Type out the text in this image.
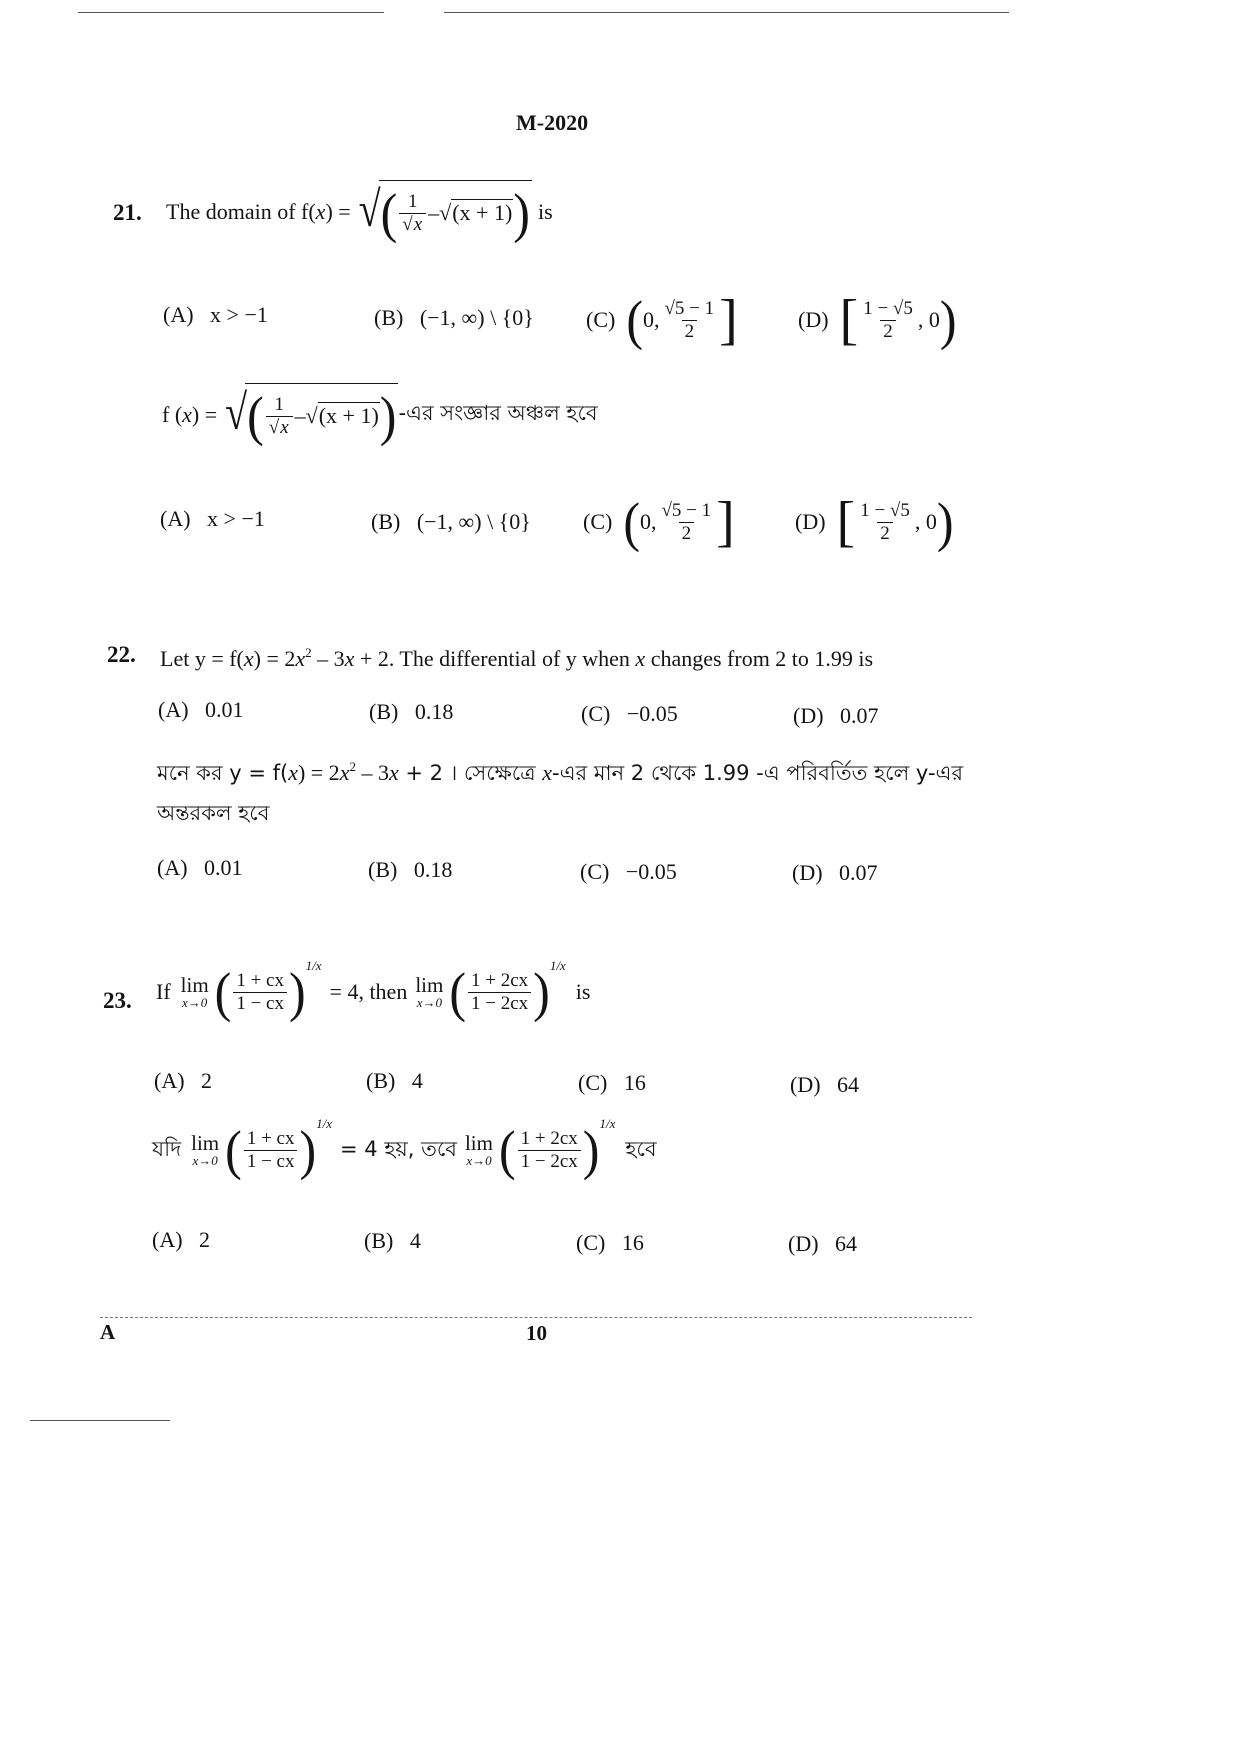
M-2020
21. The domain of f( x ) = √ ( $\frac{1}{√x} - √(x + 1)$ ) is
(A) x > −1	(B) (−1, ∞) \ {0} (C)
( 0, $\frac{√5 - 1}{2}$ ]	(D)
[ $\frac{1 - √5}{2}$ , 0 )
f ( x ) = √ ( $\frac{1}{√x} - √(x + 1)$ ) -এর সংজ্ঞার অঞ্চল হবে
(A) x > −1	(B) (−1, ∞) \ {0} (C)
( 0, $\frac{√5 - 1}{2}$ ]	(D)
[ $\frac{1 - √5}{2}$ , 0 )
22. Let $y = f(x) = 2x^2 - 3x + 2$. The differential of y when x changes from 2 to 1.99 is
(A) 0.01	(B) 0.18	(C) −0.05	(D) 0.07
মনে কর $y = f(x) = 2x^2 - 3x + 2$ । সেক্ষেত্রে x-এর মান 2 থেকে 1.99 -এ পরিবর্তিত হলে y-এর
অন্তরকল হবে
(A) 0.01	(B) 0.18	(C) −0.05	(D) 0.07
23. If lim
x→0 ( $\frac{1 + cx}{1 - cx}$ ) 1/x
= 4, then lim
x→0 ( $\frac{1 + 2cx}{1 - 2cx}$ ) 1/x
is
(A) 2	(B) 4	(C) 16	(D) 64
যদি lim
x→0 ( $\frac{1 + cx}{1 - cx}$ ) 1/x
= 4 হয়, তবে lim
x→0 ( $\frac{1 + 2cx}{1 - 2cx}$ ) 1/x
হবে
(A) 2	(B) 4	(C) 16	(D) 64
A	10
